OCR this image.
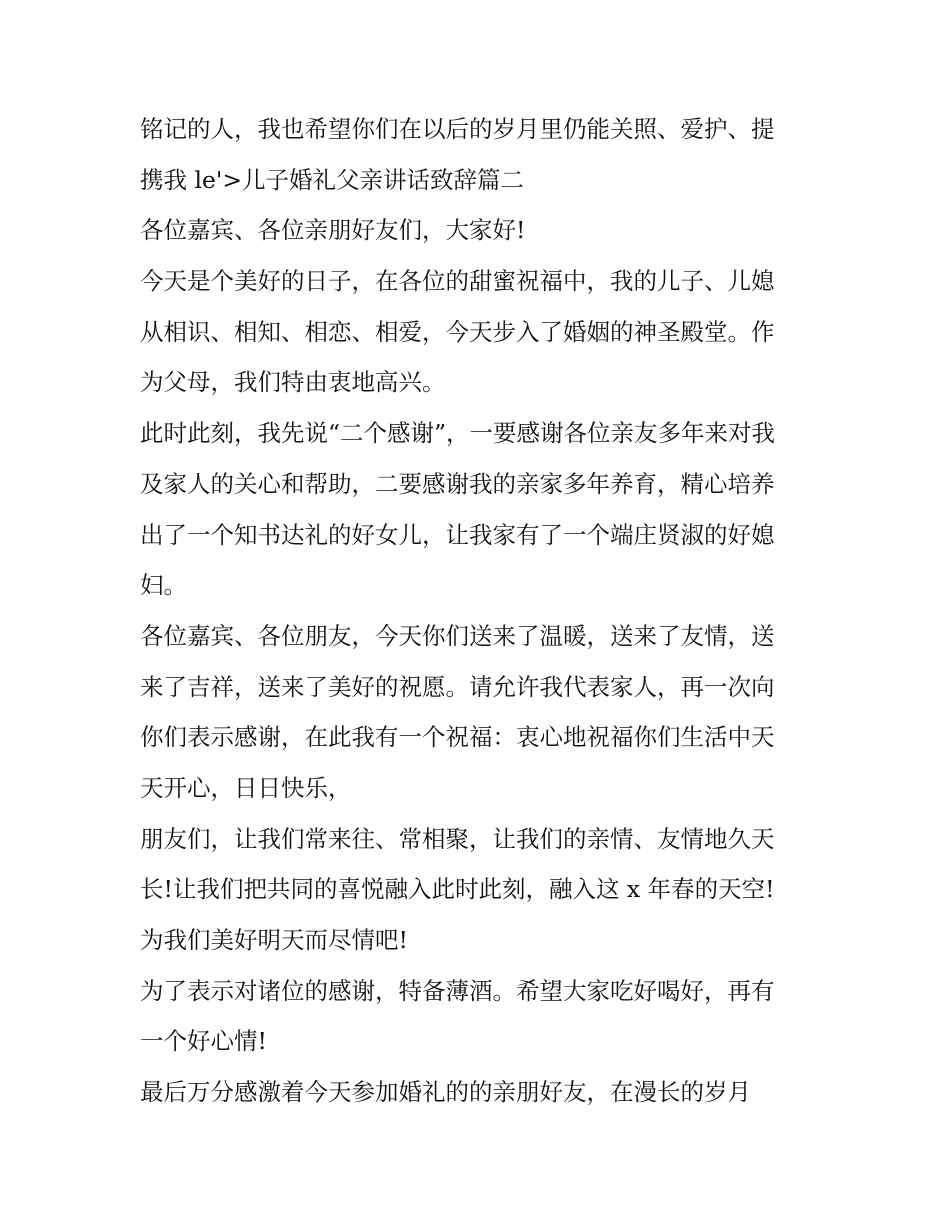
铭记的人，我也希望你们在以后的岁月里仍能关照、爱护、提
携我 le'>儿子婚礼父亲讲话致辞篇二
各位嘉宾、各位亲朋好友们，大家好!
今天是个美好的日子，在各位的甜蜜祝福中，我的儿子、儿媳
从相识、相知、相恋、相爱，今天步入了婚姻的神圣殿堂。作
为父母，我们特由衷地高兴。
此时此刻，我先说“二个感谢”，一要感谢各位亲友多年来对我
及家人的关心和帮助，二要感谢我的亲家多年养育，精心培养
出了一个知书达礼的好女儿，让我家有了一个端庄贤淑的好媳
妇。
各位嘉宾、各位朋友，今天你们送来了温暖，送来了友情，送
来了吉祥，送来了美好的祝愿。请允许我代表家人，再一次向
你们表示感谢，在此我有一个祝福：衷心地祝福你们生活中天
天开心，日日快乐，
朋友们，让我们常来往、常相聚，让我们的亲情、友情地久天
长!让我们把共同的喜悦融入此时此刻，融入这 x 年春的天空!
为我们美好明天而尽情吧!
为了表示对诸位的感谢，特备薄酒。希望大家吃好喝好，再有
一个好心情!
最后万分感激着今天参加婚礼的的亲朋好友，在漫长的岁月
